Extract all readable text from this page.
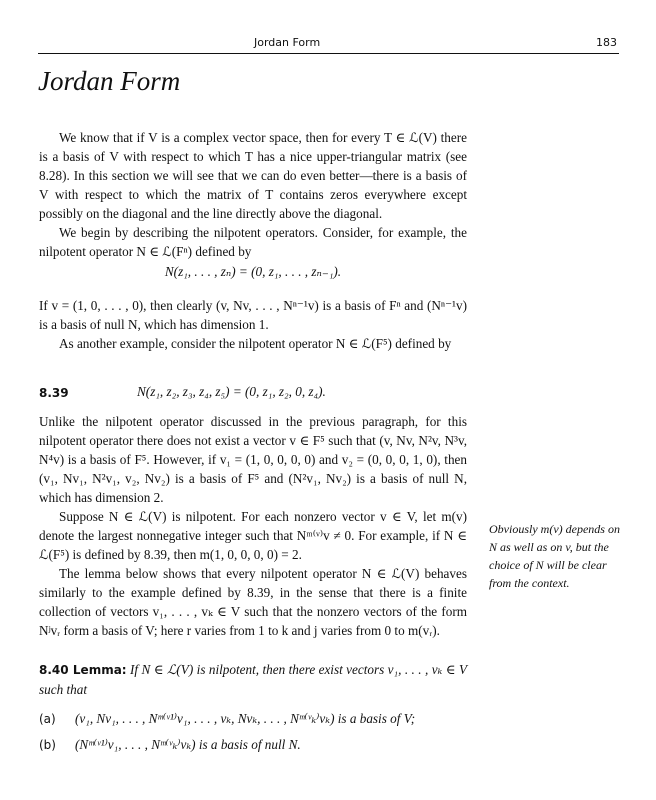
Jordan Form	183
Jordan Form

We know that if V is a complex vector space, then for every T ∈ ℒ(V) there is a basis of V with respect to which T has a nice upper-triangular matrix (see 8.28). In this section we will see that we can do even better—there is a basis of V with respect to which the matrix of T contains zeros everywhere except possibly on the diagonal and the line directly above the diagonal.

We begin by describing the nilpotent operators. Consider, for example, the nilpotent operator N ∈ ℒ(Fⁿ) defined by

N(z₁, . . . , zₙ) = (0, z₁, . . . , zₙ₋₁).

If v = (1, 0, . . . , 0), then clearly (v, Nv, . . . , Nⁿ⁻¹v) is a basis of Fⁿ and (Nⁿ⁻¹v) is a basis of null N, which has dimension 1.

As another example, consider the nilpotent operator N ∈ ℒ(F⁵) defined by

8.39	N(z₁, z₂, z₃, z₄, z₅) = (0, z₁, z₂, 0, z₄).

Unlike the nilpotent operator discussed in the previous paragraph, for this nilpotent operator there does not exist a vector v ∈ F⁵ such that (v, Nv, N²v, N³v, N⁴v) is a basis of F⁵. However, if v₁ = (1, 0, 0, 0, 0) and v₂ = (0, 0, 0, 1, 0), then (v₁, Nv₁, N²v₁, v₂, Nv₂) is a basis of F⁵ and (N²v₁, Nv₂) is a basis of null N, which has dimension 2.

Suppose N ∈ ℒ(V) is nilpotent. For each nonzero vector v ∈ V, let m(v) denote the largest nonnegative integer such that Nᵐ⁽ᵛ⁾v ≠ 0. For example, if N ∈ ℒ(F⁵) is defined by 8.39, then m(1, 0, 0, 0, 0) = 2.

The lemma below shows that every nilpotent operator N ∈ ℒ(V) behaves similarly to the example defined by 8.39, in the sense that there is a finite collection of vectors v₁, . . . , vₖ ∈ V such that the nonzero vectors of the form Nʲvᵣ form a basis of V; here r varies from 1 to k and j varies from 0 to m(vᵣ).

Obviously m(v) depends on N as well as on v, but the choice of N will be clear from the context.
8.40 Lemma: If N ∈ ℒ(V) is nilpotent, then there exist vectors v₁, . . . , vₖ ∈ V such that
(a) (v₁, Nv₁, . . . , Nᵐ⁽ᵛ¹⁾v₁, . . . , vₖ, Nvₖ, . . . , Nᵐ⁽ᵛₖ⁾vₖ) is a basis of V;
(b) (Nᵐ⁽ᵛ¹⁾v₁, . . . , Nᵐ⁽ᵛₖ⁾vₖ) is a basis of null N.
